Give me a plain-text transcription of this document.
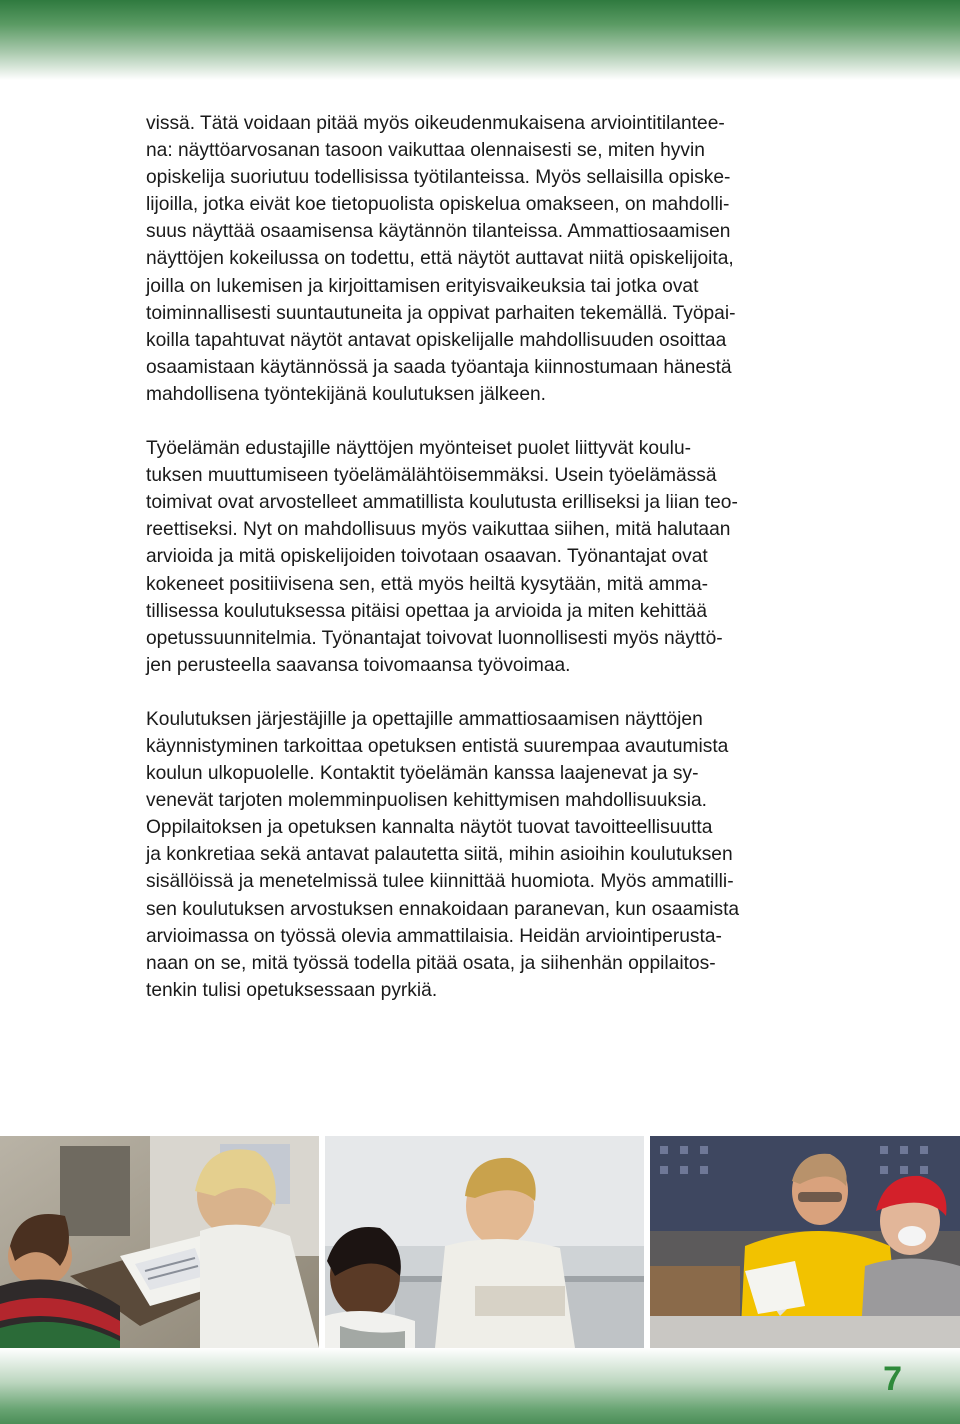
vissä. Tätä voidaan pitää myös oikeudenmukaisena arviointitilantee-
na: näyttöarvosanan tasoon vaikuttaa olennaisesti se, miten hyvin
opiskelija suoriutuu todellisissa työtilanteissa. Myös sellaisilla opiske-
lijoilla, jotka eivät koe tietopuolista opiskelua omakseen, on mahdolli-
suus näyttää osaamisensa käytännön tilanteissa. Ammattiosaamisen
näyttöjen kokeilussa on todettu, että näytöt auttavat niitä opiskelijoita,
joilla on lukemisen ja kirjoittamisen erityisvaikeuksia tai jotka ovat
toiminnallisesti suuntautuneita ja oppivat parhaiten tekemällä. Työpai-
koilla tapahtuvat näytöt antavat opiskelijalle mahdollisuuden osoittaa
osaamistaan käytännössä ja saada työantaja kiinnostumaan hänestä
mahdollisena työntekijänä koulutuksen jälkeen.
Työelämän edustajille näyttöjen myönteiset puolet liittyvät koulu-
tuksen muuttumiseen työelämälähtöisemmäksi. Usein työelämässä
toimivat ovat arvostelleet ammatillista koulutusta erilliseksi ja liian teo-
reettiseksi. Nyt on mahdollisuus myös vaikuttaa siihen, mitä halutaan
arvioida ja mitä opiskelijoiden toivotaan osaavan. Työnantajat ovat
kokeneet positiivisena sen, että myös heiltä kysytään, mitä amma-
tillisessa koulutuksessa pitäisi opettaa ja arvioida ja miten kehittää
opetussuunnitelmia. Työnantajat toivovat luonnollisesti myös näyttö-
jen perusteella saavansa toivomaansa työvoimaa.
Koulutuksen järjestäjille ja opettajille ammattiosaamisen näyttöjen
käynnistyminen tarkoittaa opetuksen entistä suurempaa avautumista
koulun ulkopuolelle. Kontaktit työelämän kanssa laajenevat ja sy-
venevät tarjoten molemminpuolisen kehittymisen mahdollisuuksia.
Oppilaitoksen ja opetuksen kannalta näytöt tuovat tavoitteellisuutta
ja konkretiaa sekä antavat palautetta siitä, mihin asioihin koulutuksen
sisällöissä ja menetelmissä tulee kiinnittää huomiota. Myös ammatilli-
sen koulutuksen arvostuksen ennakoidaan paranevan, kun osaamista
arvioimassa on työssä olevia ammattilaisia. Heidän arviointiperusta-
naan on se, mitä työssä todella pitää osata, ja siihenhän oppilaitos-
tenkin tulisi opetuksessaan pyrkiä.
7
